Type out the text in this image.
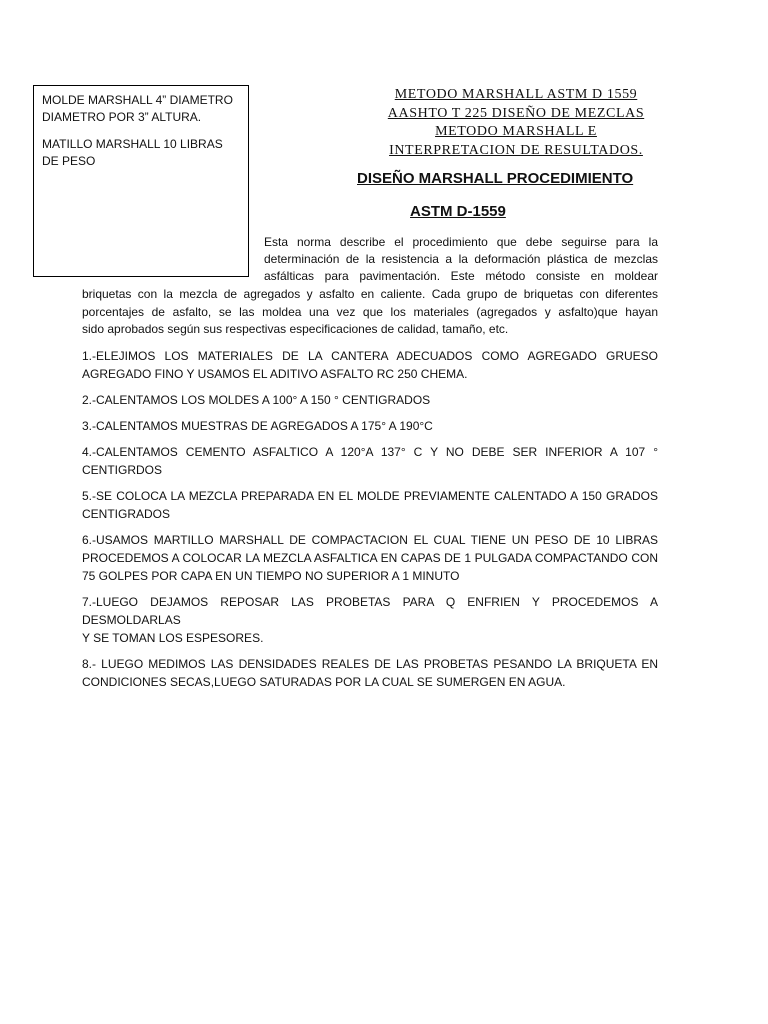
MOLDE MARSHALL 4” DIAMETRO DIAMETRO POR 3” ALTURA.

MATILLO MARSHALL 10 LIBRAS DE PESO

METODO MARSHALL ASTM D 1559
AASHTO T 225 DISEÑO DE MEZCLAS
METODO MARSHALL E
INTERPRETACION DE RESULTADOS.
DISEÑO MARSHALL PROCEDIMIENTO
ASTM D-1559
Esta norma describe el procedimiento que debe seguirse para la
determinación de la resistencia a la deformación plástica de mezclas
asfálticas para pavimentación. Este método consiste en moldear
briquetas con la mezcla de agregados y asfalto en caliente. Cada grupo de briquetas con diferentes
porcentajes de asfalto, se las moldea una vez que los materiales (agregados y asfalto)que hayan
sido aprobados según sus respectivas especificaciones de calidad, tamaño, etc.
1.-ELEJIMOS LOS MATERIALES DE LA CANTERA ADECUADOS COMO AGREGADO GRUESO
AGREGADO FINO Y USAMOS EL ADITIVO ASFALTO RC 250 CHEMA.
2.-CALENTAMOS LOS MOLDES A 100° A 150 ° CENTIGRADOS
3.-CALENTAMOS MUESTRAS DE AGREGADOS A 175° A 190°C
4.-CALENTAMOS CEMENTO ASFALTICO A 120°A 137° C Y NO DEBE SER INFERIOR A 107 °
CENTIGRDOS
5.-SE COLOCA LA MEZCLA PREPARADA EN EL MOLDE PREVIAMENTE CALENTADO A 150 GRADOS
CENTIGRADOS
6.-USAMOS MARTILLO MARSHALL DE COMPACTACION EL CUAL TIENE UN PESO DE 10 LIBRAS
PROCEDEMOS A COLOCAR LA MEZCLA ASFALTICA EN CAPAS DE 1 PULGADA COMPACTANDO CON
75 GOLPES POR CAPA EN UN TIEMPO NO SUPERIOR A 1 MINUTO
7.-LUEGO DEJAMOS REPOSAR LAS PROBETAS PARA Q ENFRIEN Y PROCEDEMOS A DESMOLDARLAS
Y SE TOMAN LOS ESPESORES.
8.- LUEGO MEDIMOS LAS DENSIDADES REALES DE LAS PROBETAS PESANDO LA BRIQUETA EN
CONDICIONES SECAS,LUEGO SATURADAS POR LA CUAL SE SUMERGEN EN AGUA.
